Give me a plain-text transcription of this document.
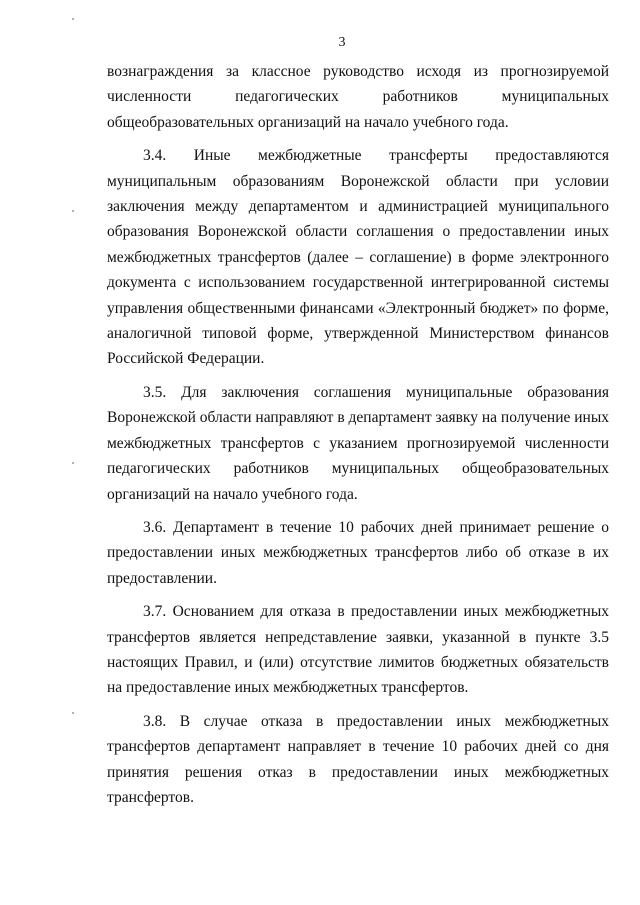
3

вознаграждения за классное руководство исходя из прогнозируемой численности педагогических работников муниципальных общеобразовательных организаций на начало учебного года.

3.4. Иные межбюджетные трансферты предоставляются муниципальным образованиям Воронежской области при условии заключения между департаментом и администрацией муниципального образования Воронежской области соглашения о предоставлении иных межбюджетных трансфертов (далее – соглашение) в форме электронного документа с использованием государственной интегрированной системы управления общественными финансами «Электронный бюджет» по форме, аналогичной типовой форме, утвержденной Министерством финансов Российской Федерации.

3.5. Для заключения соглашения муниципальные образования Воронежской области направляют в департамент заявку на получение иных межбюджетных трансфертов с указанием прогнозируемой численности педагогических работников муниципальных общеобразовательных организаций на начало учебного года.

3.6. Департамент в течение 10 рабочих дней принимает решение о предоставлении иных межбюджетных трансфертов либо об отказе в их предоставлении.

3.7. Основанием для отказа в предоставлении иных межбюджетных трансфертов является непредставление заявки, указанной в пункте 3.5 настоящих Правил, и (или) отсутствие лимитов бюджетных обязательств на предоставление иных межбюджетных трансфертов.

3.8. В случае отказа в предоставлении иных межбюджетных трансфертов департамент направляет в течение 10 рабочих дней со дня принятия решения отказ в предоставлении иных межбюджетных трансфертов.
